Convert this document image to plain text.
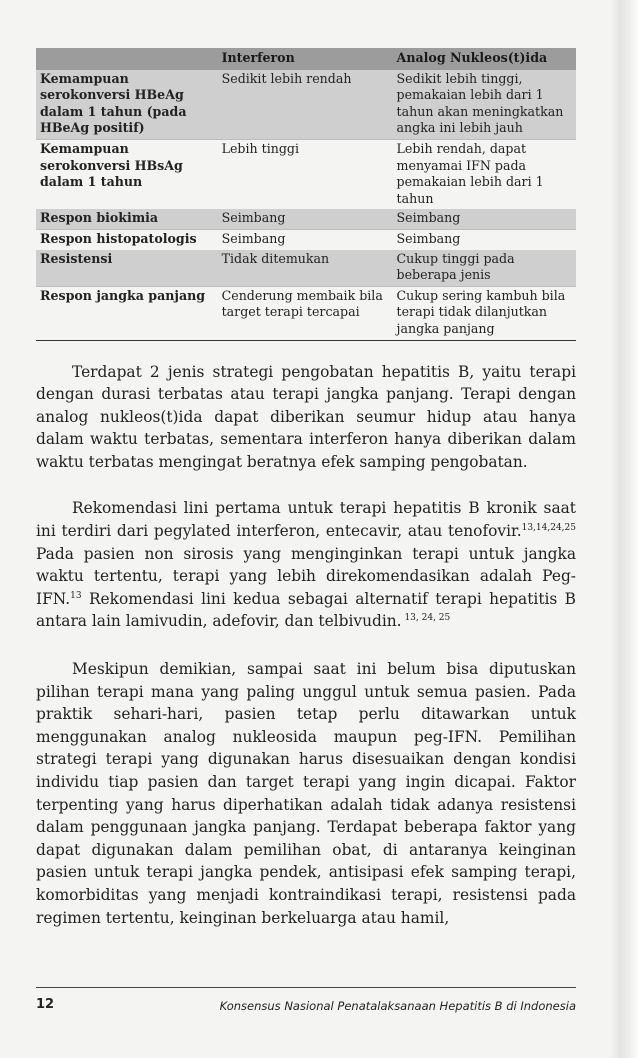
	Interferon	Analog Nukleos(t)ida
Kemampuan serokonversi HBeAg dalam 1 tahun (pada HBeAg positif)	Sedikit lebih rendah	Sedikit lebih tinggi, pemakaian lebih dari 1 tahun akan meningkatkan angka ini lebih jauh
Kemampuan serokonversi HBsAg dalam 1 tahun	Lebih tinggi	Lebih rendah, dapat menyamai IFN pada pemakaian lebih dari 1 tahun
Respon biokimia	Seimbang	Seimbang
Respon histopatologis	Seimbang	Seimbang
Resistensi	Tidak ditemukan	Cukup tinggi pada beberapa jenis
Respon jangka panjang	Cenderung membaik bila target terapi tercapai	Cukup sering kambuh bila terapi tidak dilanjutkan jangka panjang

Terdapat 2 jenis strategi pengobatan hepatitis B, yaitu terapi dengan durasi terbatas atau terapi jangka panjang. Terapi dengan analog nukleos(t)ida dapat diberikan seumur hidup atau hanya dalam waktu terbatas, sementara interferon hanya diberikan dalam waktu terbatas mengingat beratnya efek samping pengobatan.

Rekomendasi lini pertama untuk terapi hepatitis B kronik saat ini terdiri dari pegylated interferon, entecavir, atau tenofovir.$^{13,14,24,25}$ Pada pasien non sirosis yang menginginkan terapi untuk jangka waktu tertentu, terapi yang lebih direkomendasikan adalah Peg-IFN.$^{13}$ Rekomendasi lini kedua sebagai alternatif terapi hepatitis B antara lain lamivudin, adefovir, dan telbivudin. $^{13, 24, 25}$

Meskipun demikian, sampai saat ini belum bisa diputuskan pilihan terapi mana yang paling unggul untuk semua pasien. Pada praktik sehari-hari, pasien tetap perlu ditawarkan untuk menggunakan analog nukleosida maupun peg-IFN. Pemilihan strategi terapi yang digunakan harus disesuaikan dengan kondisi individu tiap pasien dan target terapi yang ingin dicapai. Faktor terpenting yang harus diperhatikan adalah tidak adanya resistensi dalam penggunaan jangka panjang. Terdapat beberapa faktor yang dapat digunakan dalam pemilihan obat, di antaranya keinginan pasien untuk terapi jangka pendek, antisipasi efek samping terapi, komorbiditas yang menjadi kontraindikasi terapi, resistensi pada regimen tertentu, keinginan berkeluarga atau hamil,

12	Konsensus Nasional Penatalaksanaan Hepatitis B di Indonesia
